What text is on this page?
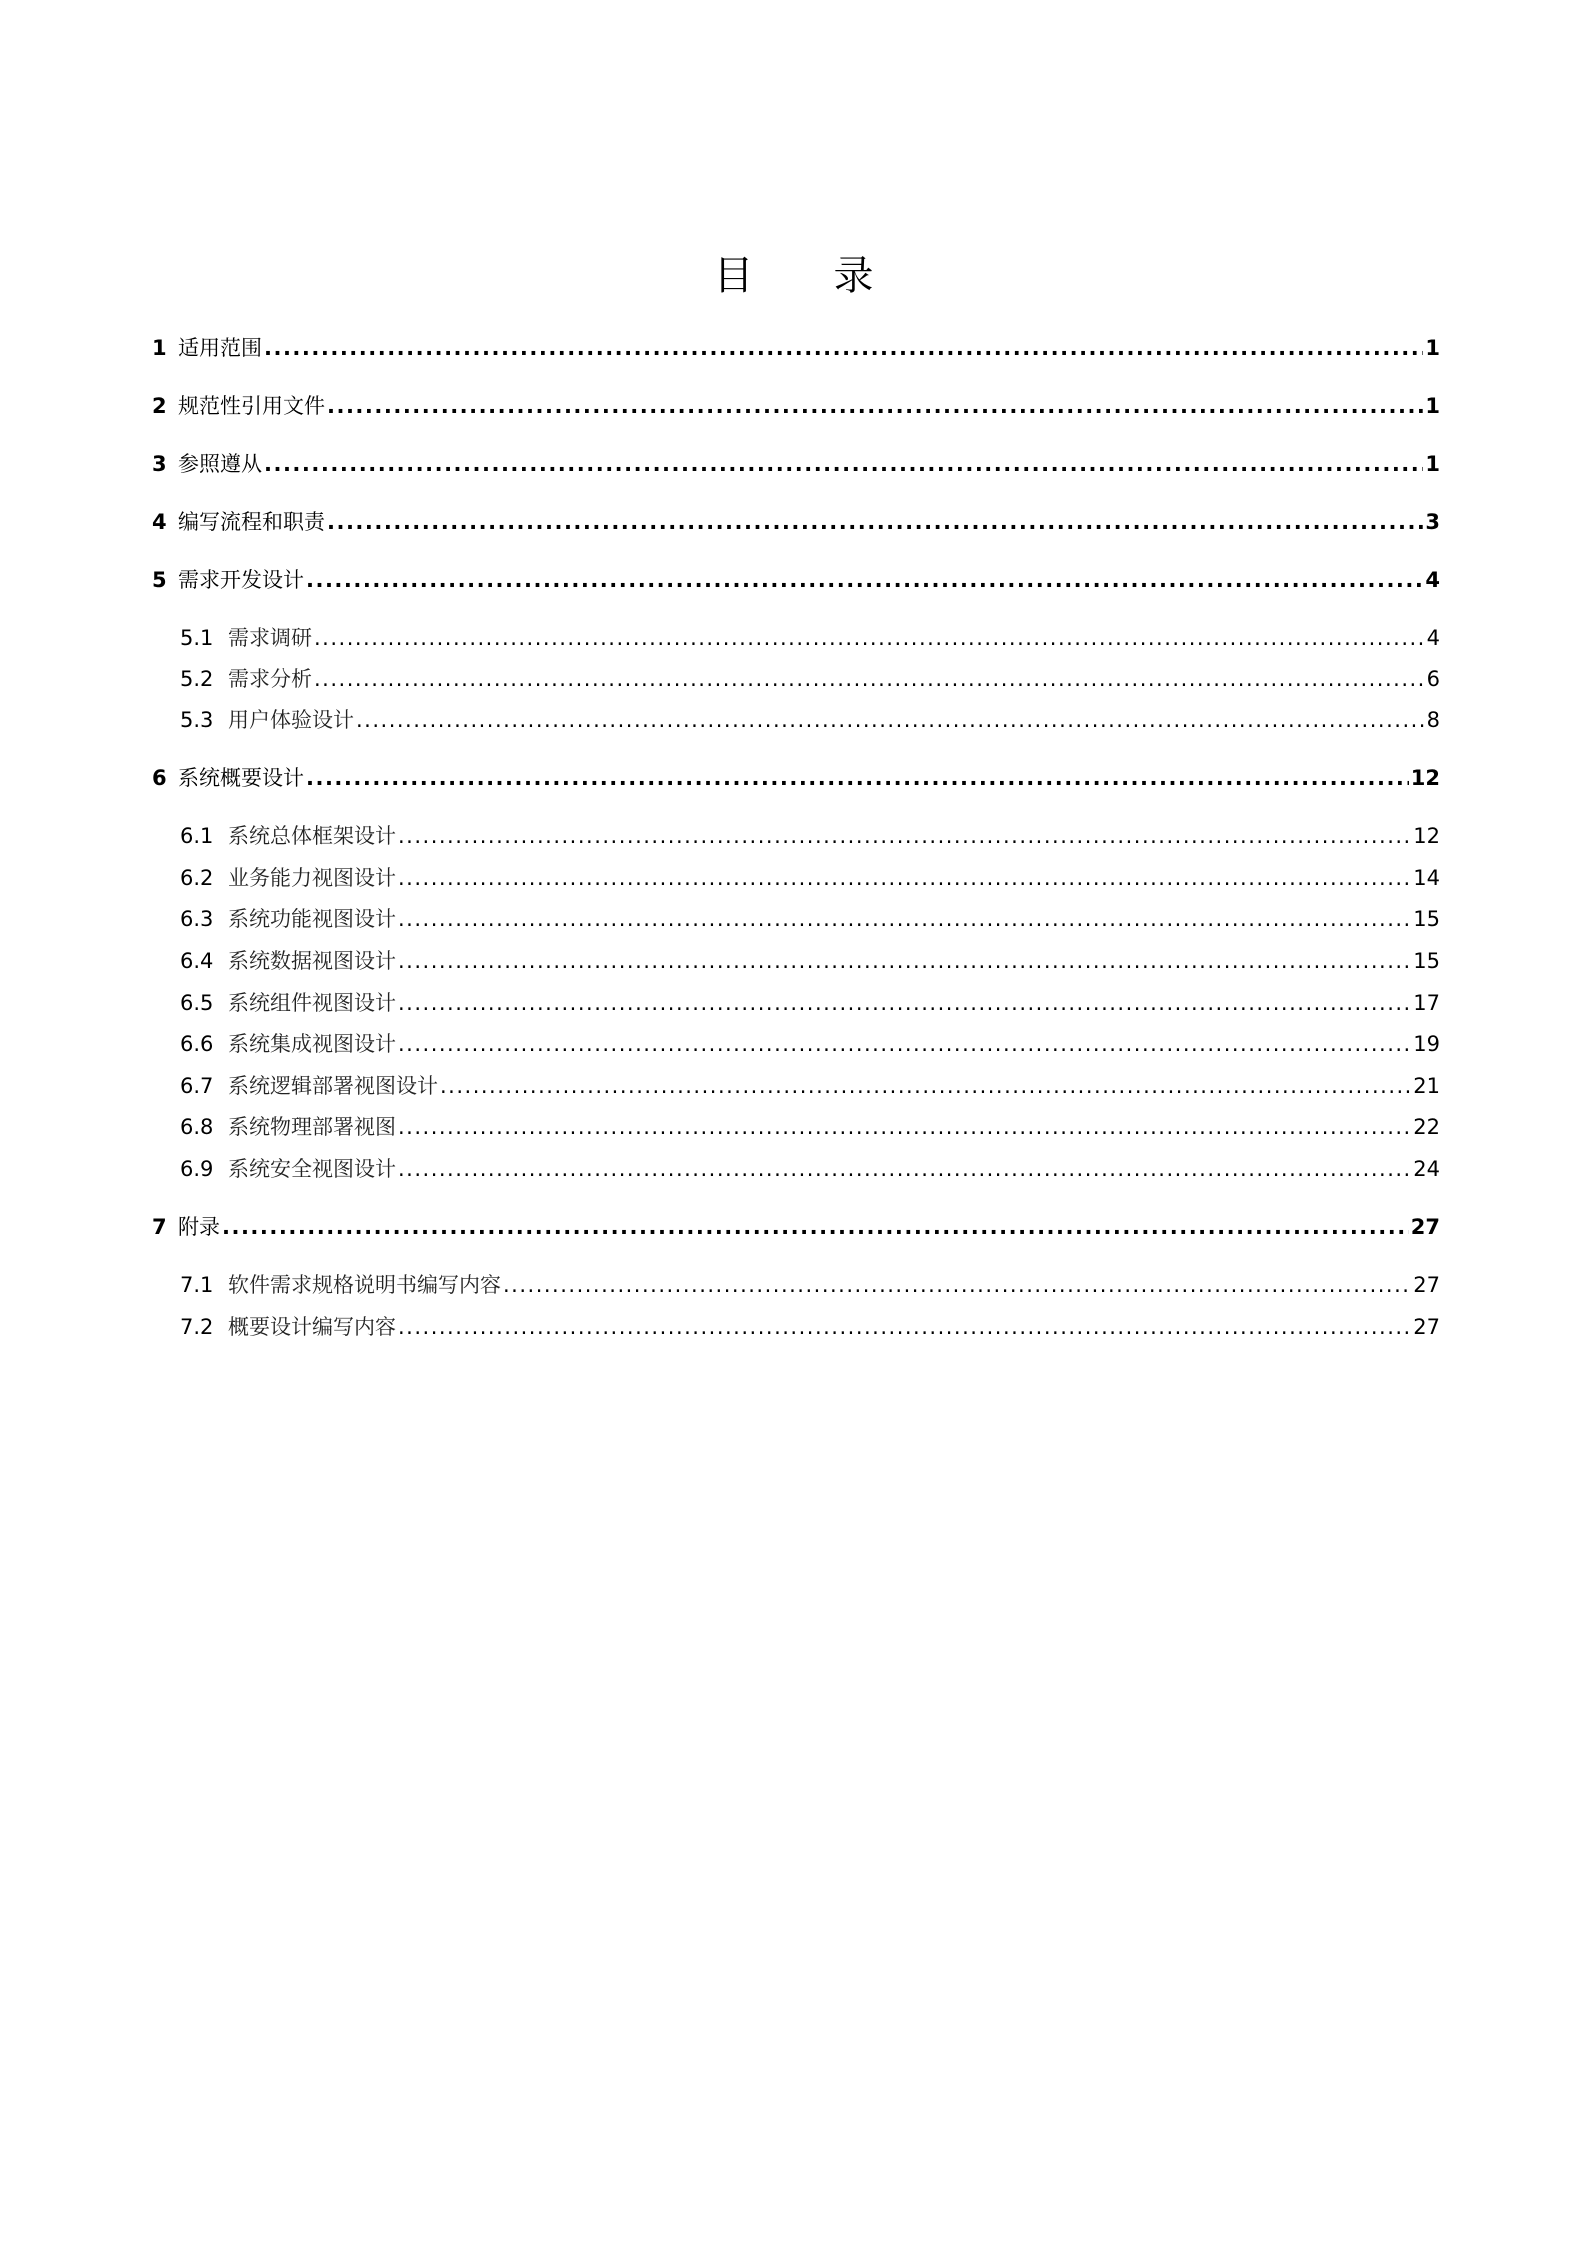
目 录
1 适用范围 .....	1
2 规范性引用文件 .....	1
3 参照遵从 .....	1
4 编写流程和职责 .....	3
5 需求开发设计 .....	4
5.1 需求调研 .....	4
5.2 需求分析 .....	6
5.3 用户体验设计 .....	8
6 系统概要设计 .....	12
6.1 系统总体框架设计 .....	12
6.2 业务能力视图设计 .....	14
6.3 系统功能视图设计 .....	15
6.4 系统数据视图设计 .....	15
6.5 系统组件视图设计 .....	17
6.6 系统集成视图设计 .....	19
6.7 系统逻辑部署视图设计 .....	21
6.8 系统物理部署视图 .....	22
6.9 系统安全视图设计 .....	24
7 附录 .....	27
7.1 软件需求规格说明书编写内容 .....	27
7.2 概要设计编写内容 .....	27
